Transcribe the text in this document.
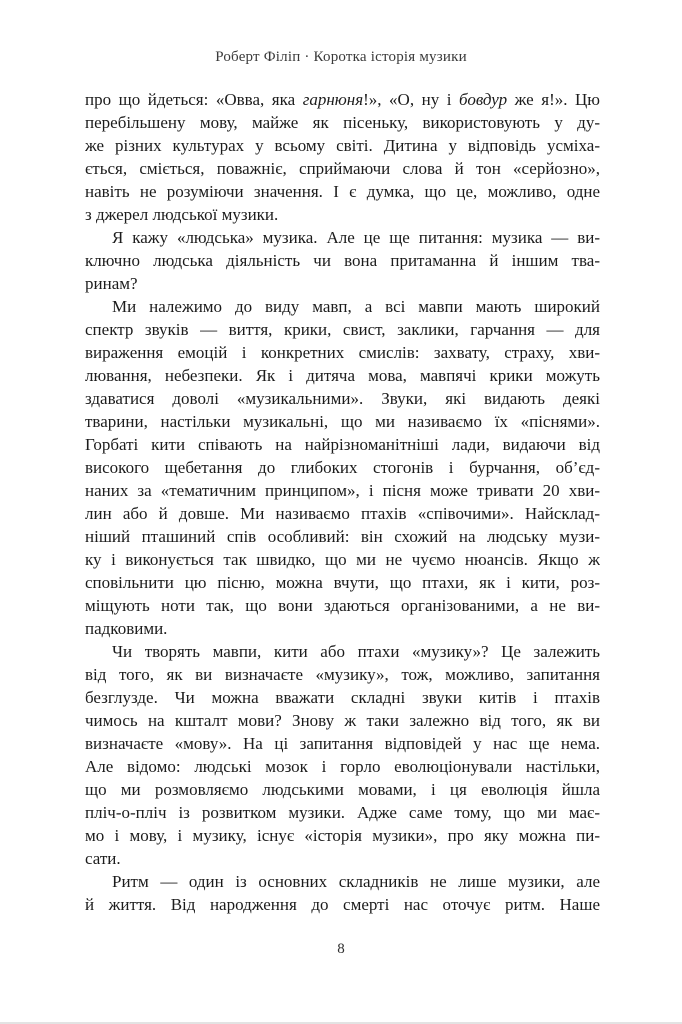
Роберт Філіп · Коротка історія музики
про що йдеться: «Овва, яка гарнюня!», «О, ну і бовдур же я!». Цю
перебільшену мову, майже як пісеньку, використовують у ду-
же різних культурах у всьому світі. Дитина у відповідь усміха-
ється, сміється, поважніє, сприймаючи слова й тон «серйозно»,
навіть не розуміючи значення. І є думка, що це, можливо, одне
з джерел людської музики.
Я кажу «людська» музика. Але це ще питання: музика — ви-
ключно людська діяльність чи вона притаманна й іншим тва-
ринам?
Ми належимо до виду мавп, а всі мавпи мають широкий
спектр звуків — виття, крики, свист, заклики, гарчання — для
вираження емоцій і конкретних смислів: захвату, страху, хви-
лювання, небезпеки. Як і дитяча мова, мавпячі крики можуть
здаватися доволі «музикальними». Звуки, які видають деякі
тварини, настільки музикальні, що ми називаємо їх «піснями».
Горбаті кити співають на найрізноманітніші лади, видаючи від
високого щебетання до глибоких стогонів і бурчання, об’єд-
наних за «тематичним принципом», і пісня може тривати 20 хви-
лин або й довше. Ми називаємо птахів «співочими». Найсклад-
ніший пташиний спів особливий: він схожий на людську музи-
ку і виконується так швидко, що ми не чуємо нюансів. Якщо ж
сповільнити цю пісню, можна вчути, що птахи, як і кити, роз-
міщують ноти так, що вони здаються організованими, а не ви-
падковими.
Чи творять мавпи, кити або птахи «музику»? Це залежить
від того, як ви визначаєте «музику», тож, можливо, запитання
безглузде. Чи можна вважати складні звуки китів і птахів
чимось на кшталт мови? Знову ж таки залежно від того, як ви
визначаєте «мову». На ці запитання відповідей у нас ще нема.
Але відомо: людські мозок і горло еволюціонували настільки,
що ми розмовляємо людськими мовами, і ця еволюція йшла
пліч-о-пліч із розвитком музики. Адже саме тому, що ми має-
мо і мову, і музику, існує «історія музики», про яку можна пи-
сати.
Ритм — один із основних складників не лише музики, але
й життя. Від народження до смерті нас оточує ритм. Наше
8
